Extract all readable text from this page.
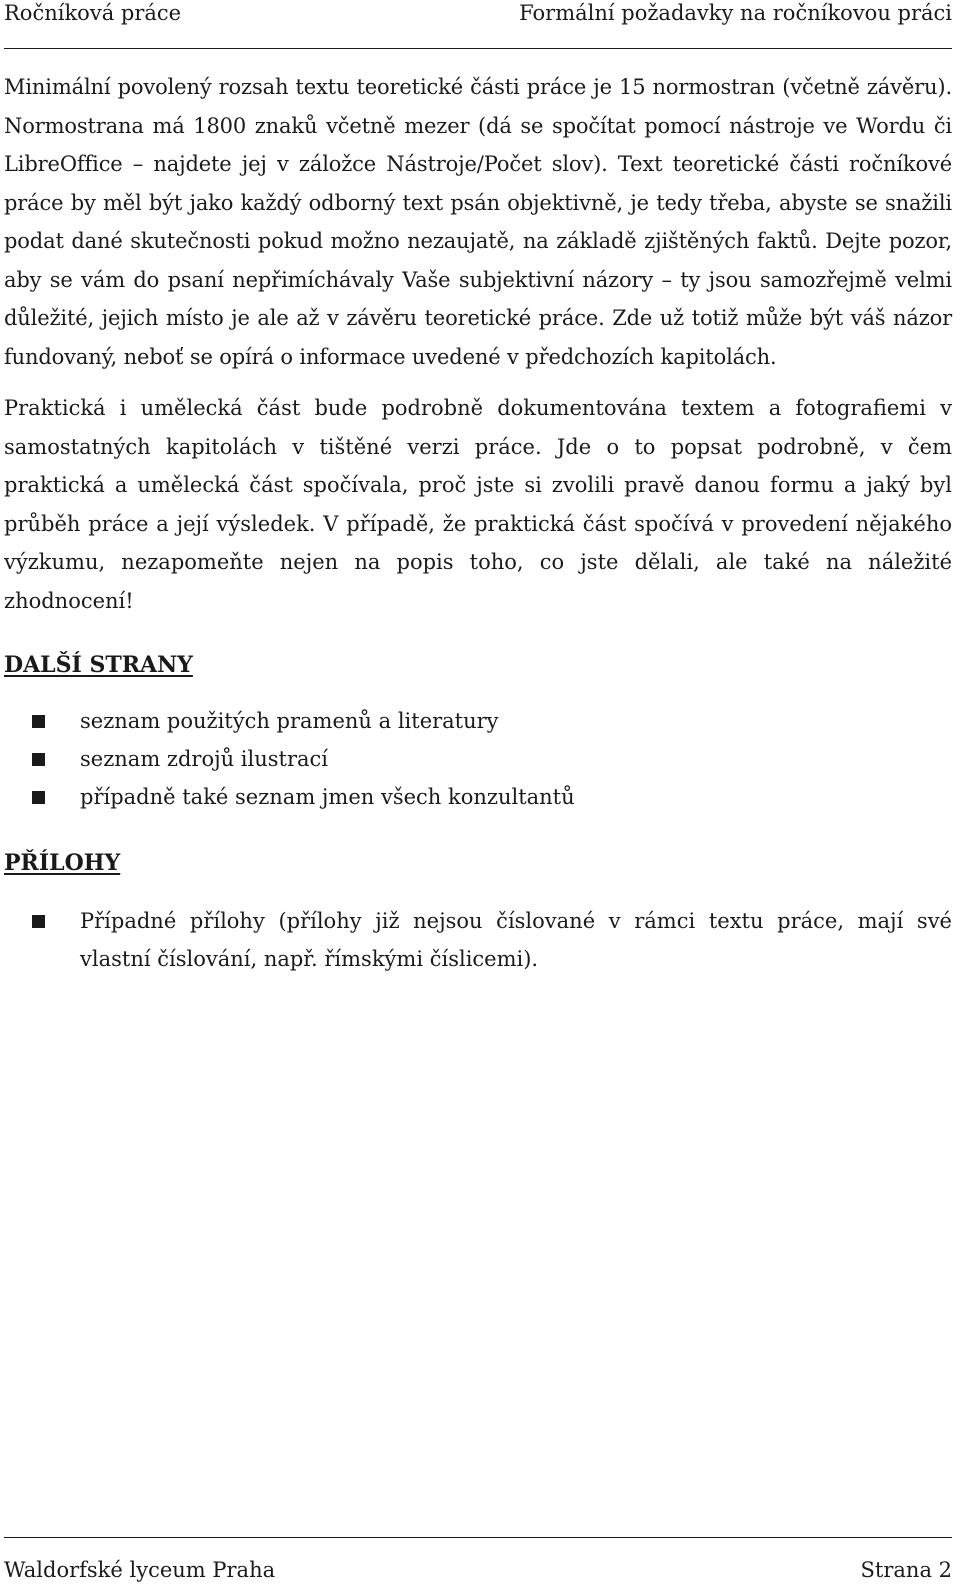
Ročníková práce	Formální požadavky na ročníkovou práci

Minimální povolený rozsah textu teoretické části práce je 15 normostran (včetně závěru). Normostrana má 1800 znaků včetně mezer (dá se spočítat pomocí nástroje ve Wordu či LibreOffice – najdete jej v záložce Nástroje/Počet slov). Text teoretické části ročníkové práce by měl být jako každý odborný text psán objektivně, je tedy třeba, abyste se snažili podat dané skutečnosti pokud možno nezaujatě, na základě zjištěných faktů. Dejte pozor, aby se vám do psaní nepřimíchávaly Vaše subjektivní názory – ty jsou samozřejmě velmi důležité, jejich místo je ale až v závěru teoretické práce. Zde už totiž může být váš názor fundovaný, neboť se opírá o informace uvedené v předchozích kapitolách.

Praktická i umělecká část bude podrobně dokumentována textem a fotografiemi v samostatných kapitolách v tištěné verzi práce. Jde o to popsat podrobně, v čem praktická a umělecká část spočívala, proč jste si zvolili pravě danou formu a jaký byl průběh práce a její výsledek. V případě, že praktická část spočívá v provedení nějakého výzkumu, nezapomeňte nejen na popis toho, co jste dělali, ale také na náležité zhodnocení!

DALŠÍ STRANY
seznam použitých pramenů a literatury
seznam zdrojů ilustrací
případně také seznam jmen všech konzultantů
PŘÍLOHY
Případné přílohy (přílohy již nejsou číslované v rámci textu práce, mají své vlastní číslování, např. římskými číslicemi).
Waldorfské lyceum Praha	Strana 2
